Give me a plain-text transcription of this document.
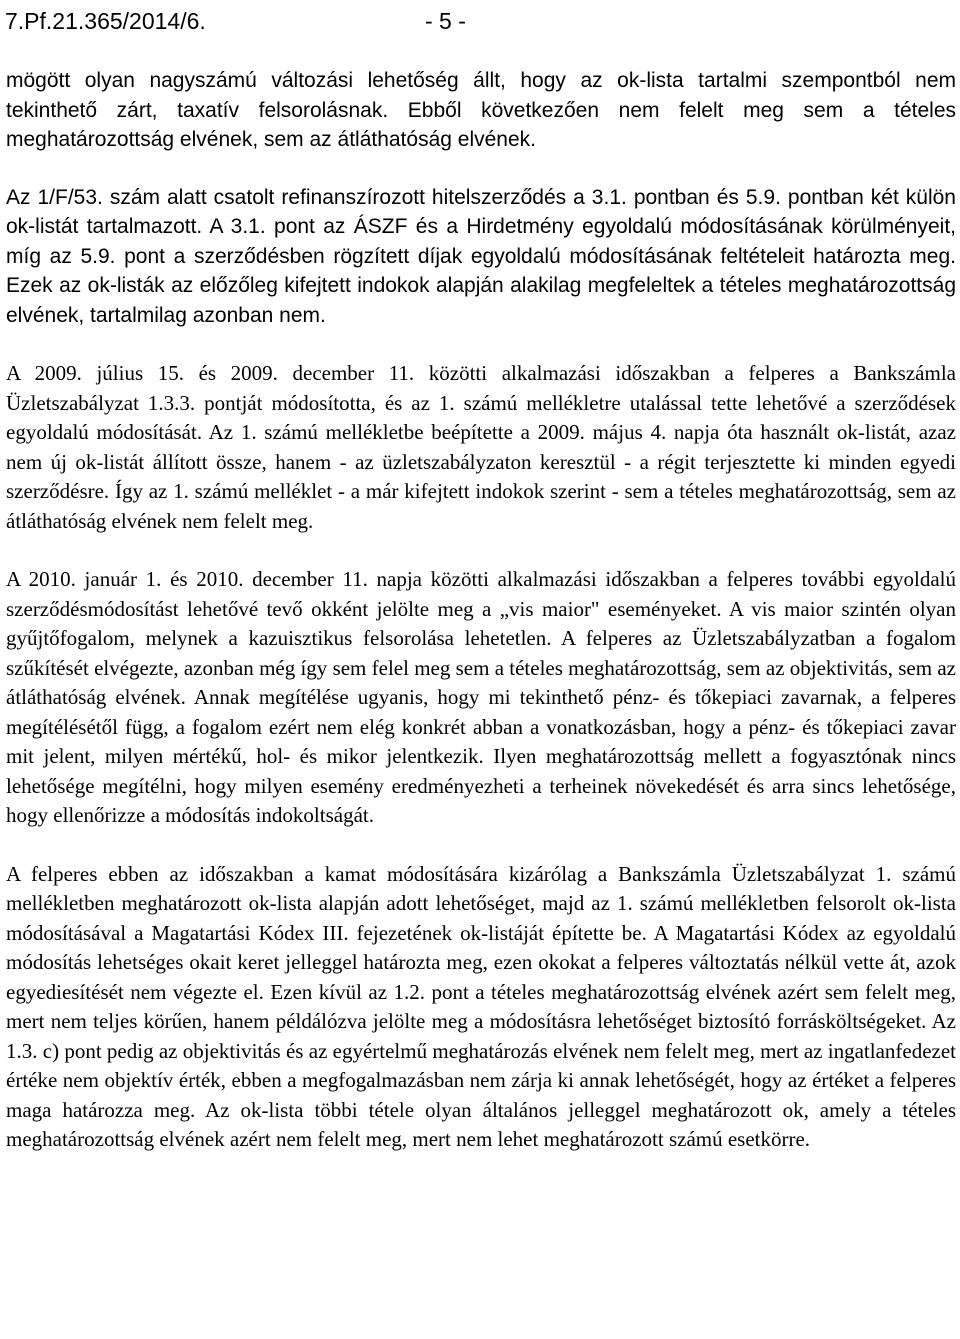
7.Pf.21.365/2014/6.	- 5 -

mögött olyan nagyszámú változási lehetőség állt, hogy az ok-lista tartalmi szempontból nem tekinthető zárt, taxatív felsorolásnak. Ebből következően nem felelt meg sem a tételes meghatározottság elvének, sem az átláthatóság elvének.

Az 1/F/53. szám alatt csatolt refinanszírozott hitelszerződés a 3.1. pontban és 5.9. pontban két külön ok-listát tartalmazott. A 3.1. pont az ÁSZF és a Hirdetmény egyoldalú módosításának körülményeit, míg az 5.9. pont a szerződésben rögzített díjak egyoldalú módosításának feltételeit határozta meg. Ezek az ok-listák az előzőleg kifejtett indokok alapján alakilag megfeleltek a tételes meghatározottság elvének, tartalmilag azonban nem.

A 2009. július 15. és 2009. december 11. közötti alkalmazási időszakban a felperes a Bankszámla Üzletszabályzat 1.3.3. pontját módosította, és az 1. számú mellékletre utalással tette lehetővé a szerződések egyoldalú módosítását. Az 1. számú mellékletbe beépítette a 2009. május 4. napja óta használt ok-listát, azaz nem új ok-listát állított össze, hanem - az üzletszabályzaton keresztül - a régit terjesztette ki minden egyedi szerződésre. Így az 1. számú melléklet - a már kifejtett indokok szerint - sem a tételes meghatározottság, sem az átláthatóság elvének nem felelt meg.

A 2010. január 1. és 2010. december 11. napja közötti alkalmazási időszakban a felperes további egyoldalú szerződésmódosítást lehetővé tevő okként jelölte meg a „vis maior" eseményeket. A vis maior szintén olyan gyűjtőfogalom, melynek a kazuisztikus felsorolása lehetetlen. A felperes az Üzletszabályzatban a fogalom szűkítését elvégezte, azonban még így sem felel meg sem a tételes meghatározottság, sem az objektivitás, sem az átláthatóság elvének. Annak megítélése ugyanis, hogy mi tekinthető pénz- és tőkepiaci zavarnak, a felperes megítélésétől függ, a fogalom ezért nem elég konkrét abban a vonatkozásban, hogy a pénz- és tőkepiaci zavar mit jelent, milyen mértékű, hol- és mikor jelentkezik. Ilyen meghatározottság mellett a fogyasztónak nincs lehetősége megítélni, hogy milyen esemény eredményezheti a terheinek növekedését és arra sincs lehetősége, hogy ellenőrizze a módosítás indokoltságát.

A felperes ebben az időszakban a kamat módosítására kizárólag a Bankszámla Üzletszabályzat 1. számú mellékletben meghatározott ok-lista alapján adott lehetőséget, majd az 1. számú mellékletben felsorolt ok-lista módosításával a Magatartási Kódex III. fejezetének ok-listáját építette be. A Magatartási Kódex az egyoldalú módosítás lehetséges okait keret jelleggel határozta meg, ezen okokat a felperes változtatás nélkül vette át, azok egyediesítését nem végezte el. Ezen kívül az 1.2. pont a tételes meghatározottság elvének azért sem felelt meg, mert nem teljes körűen, hanem példálózva jelölte meg a módosításra lehetőséget biztosító forrásköltségeket. Az 1.3. c) pont pedig az objektivitás és az egyértelmű meghatározás elvének nem felelt meg, mert az ingatlanfedezet értéke nem objektív érték, ebben a megfogalmazásban nem zárja ki annak lehetőségét, hogy az értéket a felperes maga határozza meg. Az ok-lista többi tétele olyan általános jelleggel meghatározott ok, amely a tételes meghatározottság elvének azért nem felelt meg, mert nem lehet meghatározott számú esetkörre.
